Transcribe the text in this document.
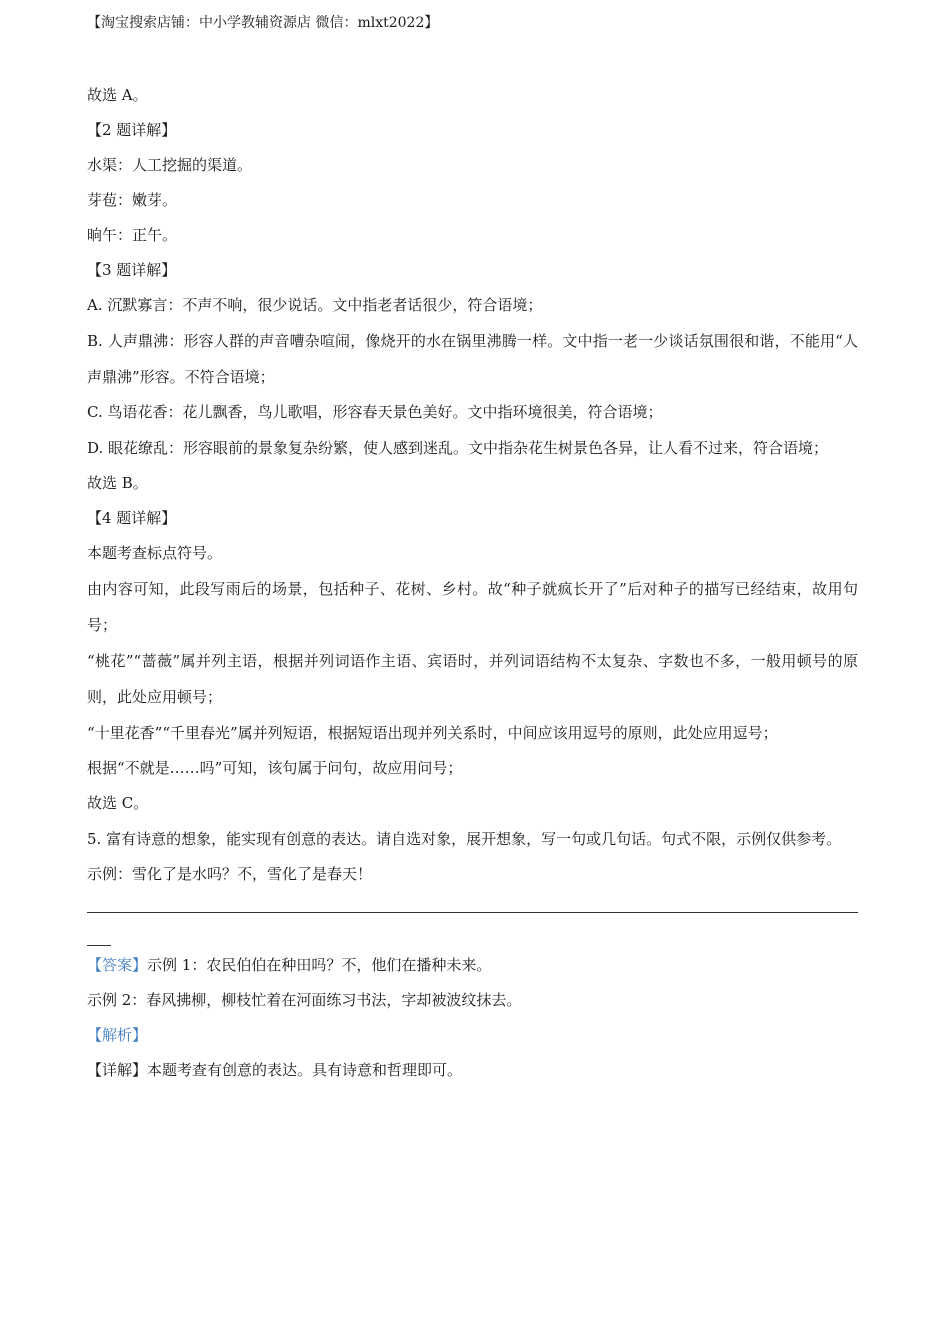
【淘宝搜索店铺：中小学教辅资源店 微信：mlxt2022】
故选 A。
【2 题详解】
水渠：人工挖掘的渠道。
芽苞：嫩芽。
晌午：正午。
【3 题详解】
A. 沉默寡言：不声不响，很少说话。文中指老者话很少，符合语境；
B. 人声鼎沸：形容人群的声音嘈杂喧闹，像烧开的水在锅里沸腾一样。文中指一老一少谈话氛围很和谐，不能用“人声鼎沸”形容。不符合语境；
C. 鸟语花香：花儿飘香，鸟儿歌唱，形容春天景色美好。文中指环境很美，符合语境；
D. 眼花缭乱：形容眼前的景象复杂纷繁，使人感到迷乱。文中指杂花生树景色各异，让人看不过来，符合语境；
故选 B。
【4 题详解】
本题考查标点符号。
由内容可知，此段写雨后的场景，包括种子、花树、乡村。故“种子就疯长开了”后对种子的描写已经结束，故用句号；
“桃花”“蔷薇”属并列主语，根据并列词语作主语、宾语时，并列词语结构不太复杂、字数也不多，一般用顿号的原则，此处应用顿号；
“十里花香”“千里春光”属并列短语，根据短语出现并列关系时，中间应该用逗号的原则，此处应用逗号；
根据“不就是……吗”可知，该句属于问句，故应用问号；
故选 C。
5. 富有诗意的想象，能实现有创意的表达。请自选对象，展开想象，写一句或几句话。句式不限，示例仅供参考。
示例：雪化了是水吗？不，雪化了是春天！
【答案】示例 1：农民伯伯在种田吗？不，他们在播种未来。
示例 2：春风拂柳，柳枝忙着在河面练习书法，字却被波纹抹去。
【解析】
【详解】本题考查有创意的表达。具有诗意和哲理即可。
